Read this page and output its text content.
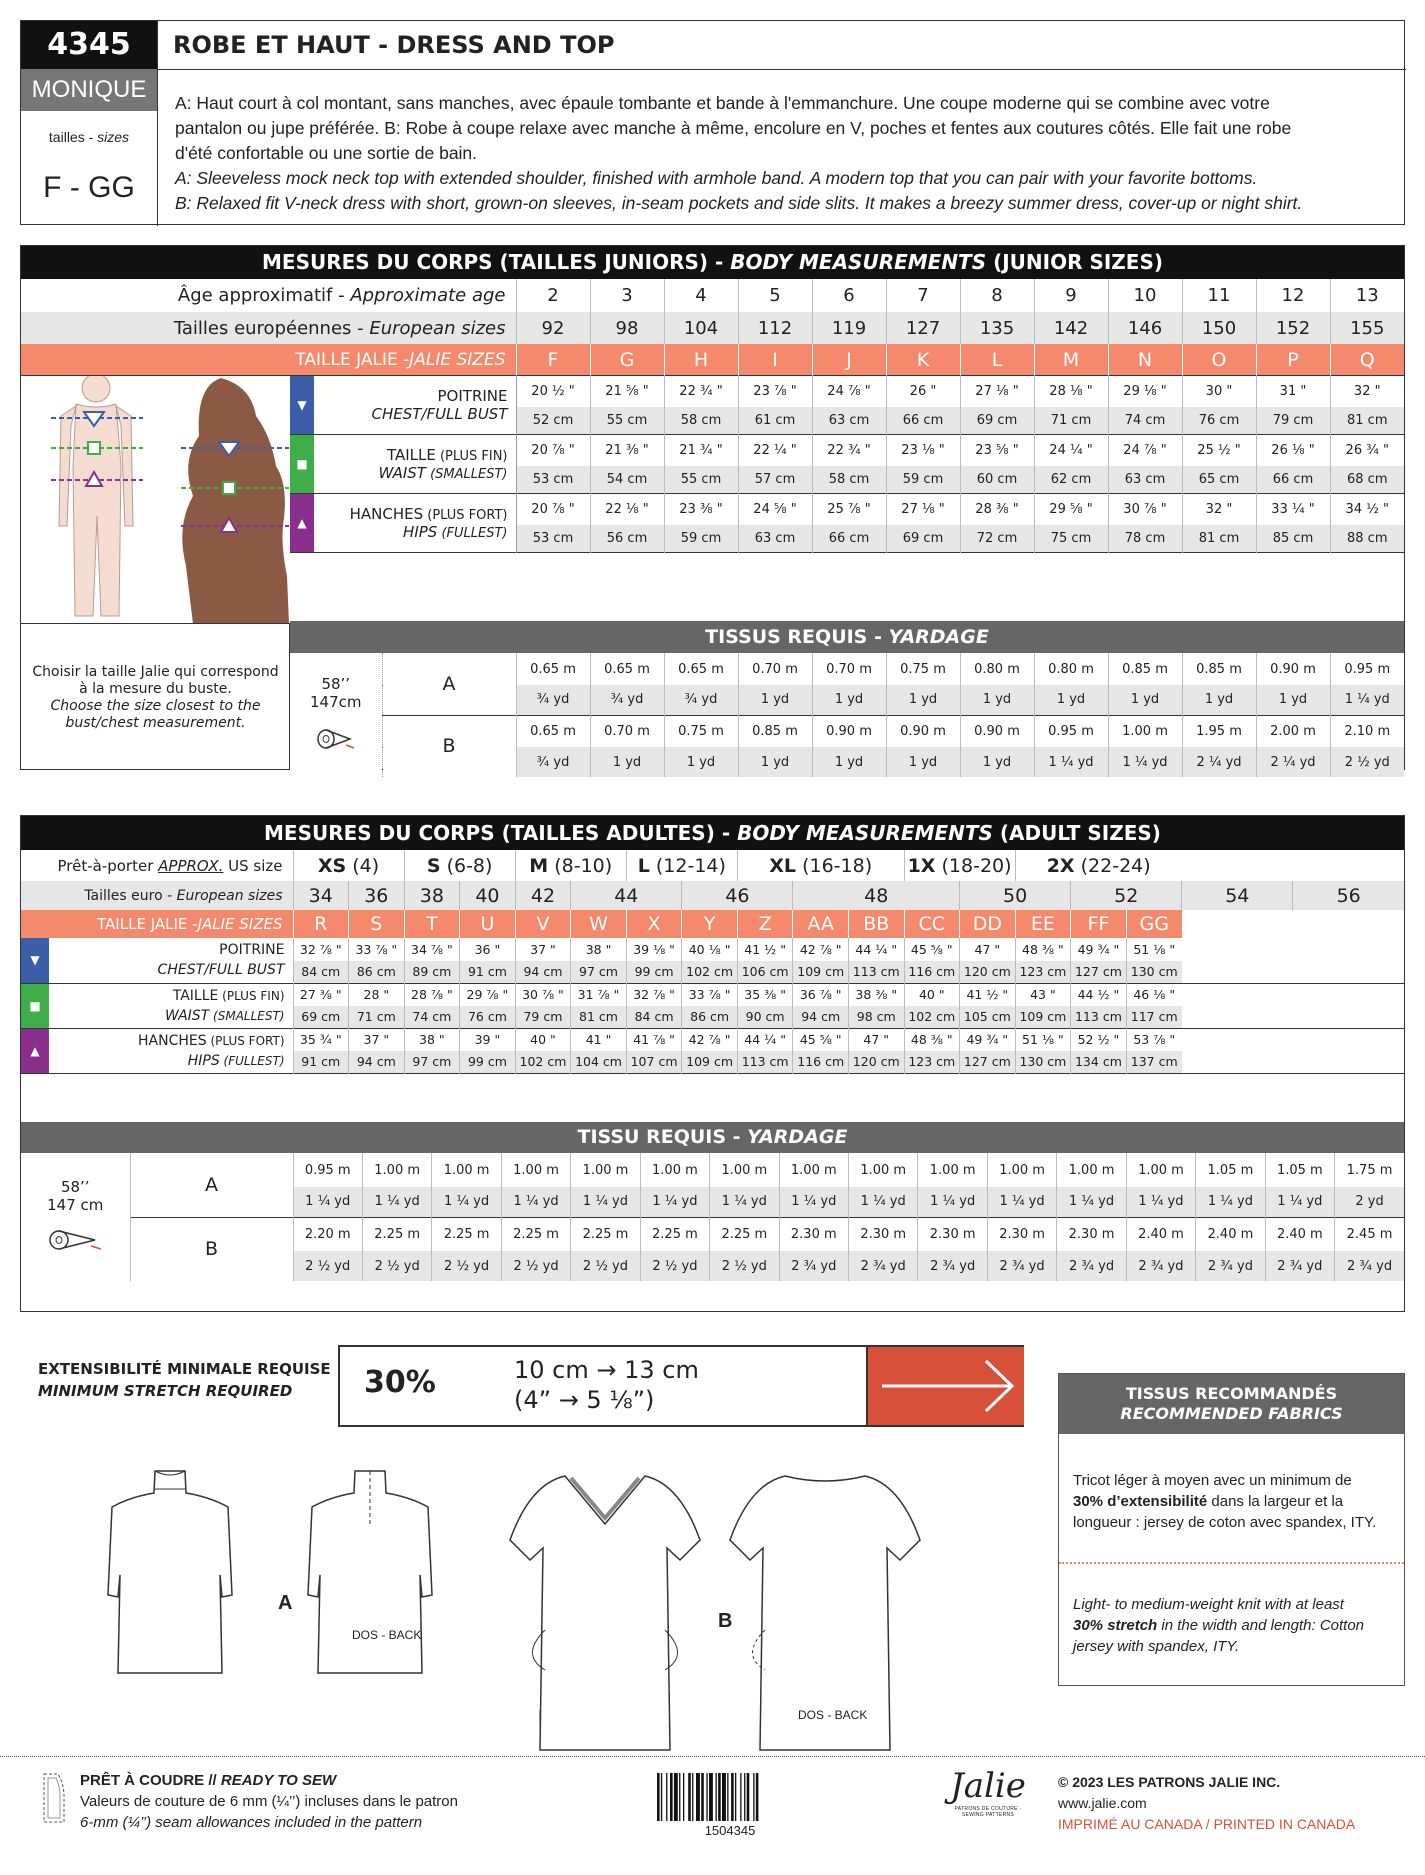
4345	ROBE ET HAUT - DRESS AND TOP
MONIQUE
tailles - sizes
F - GG
A: Haut court à col montant, sans manches, avec épaule tombante et bande à l'emmanchure. Une coupe moderne qui se combine avec votre
pantalon ou jupe préférée. B: Robe à coupe relaxe avec manche à même, encolure en V, poches et fentes aux coutures côtés. Elle fait une robe
d'été confortable ou une sortie de bain.
A: Sleeveless mock neck top with extended shoulder, finished with armhole band. A modern top that you can pair with your favorite bottoms.
B: Relaxed fit V-neck dress with short, grown-on sleeves, in-seam pockets and side slits. It makes a breezy summer dress, cover-up or night shirt.
MESURES DU CORPS (TAILLES JUNIORS) - BODY MEASUREMENTS (JUNIOR SIZES)
Âge approximatif - Approximate age	2	3	4	5	6	7	8	9	10	11	12	13
Tailles européennes - European sizes	92	98	104	112	119	127	135	142	146	150	152	155
TAILLE JALIE -JALIE SIZES	F	G	H	I	J	K	L	M	N	O	P	Q
▼	POITRINE
CHEST/FULL BUST	20 ½ "	21 ⅝ "	22 ¾ "	23 ⅞ "	24 ⅞ "	26 "	27 ⅛ "	28 ⅛ "	29 ⅛ "	30 "	31 "	32 "
		52 cm	55 cm	58 cm	61 cm	63 cm	66 cm	69 cm	71 cm	74 cm	76 cm	79 cm	81 cm
■	TAILLE (PLUS FIN)
WAIST (SMALLEST)	20 ⅞ "	21 ⅜ "	21 ¾ "	22 ¼ "	22 ¾ "	23 ⅛ "	23 ⅝ "	24 ¼ "	24 ⅞ "	25 ½ "	26 ⅛ "	26 ¾ "
		53 cm	54 cm	55 cm	57 cm	58 cm	59 cm	60 cm	62 cm	63 cm	65 cm	66 cm	68 cm
▲	HANCHES (PLUS FORT)
HIPS (FULLEST)	20 ⅞ "	22 ⅛ "	23 ⅜ "	24 ⅝ "	25 ⅞ "	27 ⅛ "	28 ⅜ "	29 ⅝ "	30 ⅞ "	32 "	33 ¼ "	34 ½ "
		53 cm	56 cm	59 cm	63 cm	66 cm	69 cm	72 cm	75 cm	78 cm	81 cm	85 cm	88 cm
TISSUS REQUIS - YARDAGE
Choisir la taille Jalie qui correspond à la mesure du buste.
Choose the size closest to the bust/chest measurement.
58’’
147cm	A	0.65 m	0.65 m	0.65 m	0.70 m	0.70 m	0.75 m	0.80 m	0.80 m	0.85 m	0.85 m	0.90 m	0.95 m
		¾ yd	¾ yd	¾ yd	1 yd	1 yd	1 yd	1 yd	1 yd	1 yd	1 yd	1 yd	1 ¼ yd
	B	0.65 m	0.70 m	0.75 m	0.85 m	0.90 m	0.90 m	0.90 m	0.95 m	1.00 m	1.95 m	2.00 m	2.10 m
		¾ yd	1 yd	1 yd	1 yd	1 yd	1 yd	1 yd	1 ¼ yd	1 ¼ yd	2 ¼ yd	2 ¼ yd	2 ½ yd
MESURES DU CORPS (TAILLES ADULTES) - BODY MEASUREMENTS (ADULT SIZES)
Prêt-à-porter APPROX. US size		XS (4)		S (6-8)		M (8-10)		L (12-14)		XL (16-18)			1X (18-20)		2X (22-24)				
Tailles euro - European sizes		34	36	38	40	42	44		46		48			50		52		54	56
TAILLE JALIE -JALIE SIZES		R	S	T	U	V	W	X	Y	Z	AA	BB	CC	DD	EE	FF	GG		
▼	POITRINE
CHEST/FULL BUST	32 ⅞ "	33 ⅞ "	34 ⅞ "	36 "	37 "	38 "	39 ⅛ "	40 ⅛ "	41 ½ "	42 ⅞ "	44 ¼ "	45 ⅝ "	47 "	48 ⅜ "	49 ¾ "	51 ⅛ "		
		84 cm	86 cm	89 cm	91 cm	94 cm	97 cm	99 cm	102 cm	106 cm	109 cm	113 cm	116 cm	120 cm	123 cm	127 cm	130 cm		
■	TAILLE (PLUS FIN)
WAIST (SMALLEST)	27 ⅜ "	28 "	28 ⅞ "	29 ⅞ "	30 ⅞ "	31 ⅞ "	32 ⅞ "	33 ⅞ "	35 ⅜ "	36 ⅞ "	38 ⅜ "	40 "	41 ½ "	43 "	44 ½ "	46 ⅛ "		
		69 cm	71 cm	74 cm	76 cm	79 cm	81 cm	84 cm	86 cm	90 cm	94 cm	98 cm	102 cm	105 cm	109 cm	113 cm	117 cm		
▲	HANCHES (PLUS FORT)
HIPS (FULLEST)	35 ¾ "	37 "	38 "	39 "	40 "	41 "	41 ⅞ "	42 ⅞ "	44 ¼ "	45 ⅝ "	47 "	48 ⅜ "	49 ¾ "	51 ⅛ "	52 ½ "	53 ⅞ "		
		91 cm	94 cm	97 cm	99 cm	102 cm	104 cm	107 cm	109 cm	113 cm	116 cm	120 cm	123 cm	127 cm	130 cm	134 cm	137 cm		
TISSU REQUIS - YARDAGE
58’’
147 cm	A	0.95 m	1.00 m	1.00 m	1.00 m	1.00 m	1.00 m	1.00 m	1.00 m	1.00 m	1.00 m	1.00 m	1.00 m	1.00 m	1.05 m	1.05 m	1.75 m
		1 ¼ yd	1 ¼ yd	1 ¼ yd	1 ¼ yd	1 ¼ yd	1 ¼ yd	1 ¼ yd	1 ¼ yd	1 ¼ yd	1 ¼ yd	1 ¼ yd	1 ¼ yd	1 ¼ yd	1 ¼ yd	1 ¼ yd	2 yd
	B	2.20 m	2.25 m	2.25 m	2.25 m	2.25 m	2.25 m	2.25 m	2.30 m	2.30 m	2.30 m	2.30 m	2.30 m	2.40 m	2.40 m	2.40 m	2.45 m
		2 ½ yd	2 ½ yd	2 ½ yd	2 ½ yd	2 ½ yd	2 ½ yd	2 ½ yd	2 ¾ yd	2 ¾ yd	2 ¾ yd	2 ¾ yd	2 ¾ yd	2 ¾ yd	2 ¾ yd	2 ¾ yd	2 ¾ yd
EXTENSIBILITÉ MINIMALE REQUISE
MINIMUM STRETCH REQUIRED	30%	10 cm → 13 cm
(4” → 5 ⅛”)	TISSUS RECOMMANDÉS
RECOMMENDED FABRICS
Tricot léger à moyen avec un minimum de
30% d’extensibilité dans la largeur et la
longueur : jersey de coton avec spandex, ITY.
Light- to medium-weight knit with at least
30% stretch in the width and length: Cotton
jersey with spandex, ITY.
A
DOS - BACK
B
DOS - BACK
PRÊT À COUDRE // READY TO SEW
Valeurs de couture de 6 mm (¼’’) incluses dans le patron
6-mm (¼’’) seam allowances included in the pattern	1504345
Jalie
PATRONS DE COUTURE · SEWING PATTERNS
© 2023 LES PATRONS JALIE INC.
www.jalie.com
IMPRIMÉ AU CANADA / PRINTED IN CANADA
